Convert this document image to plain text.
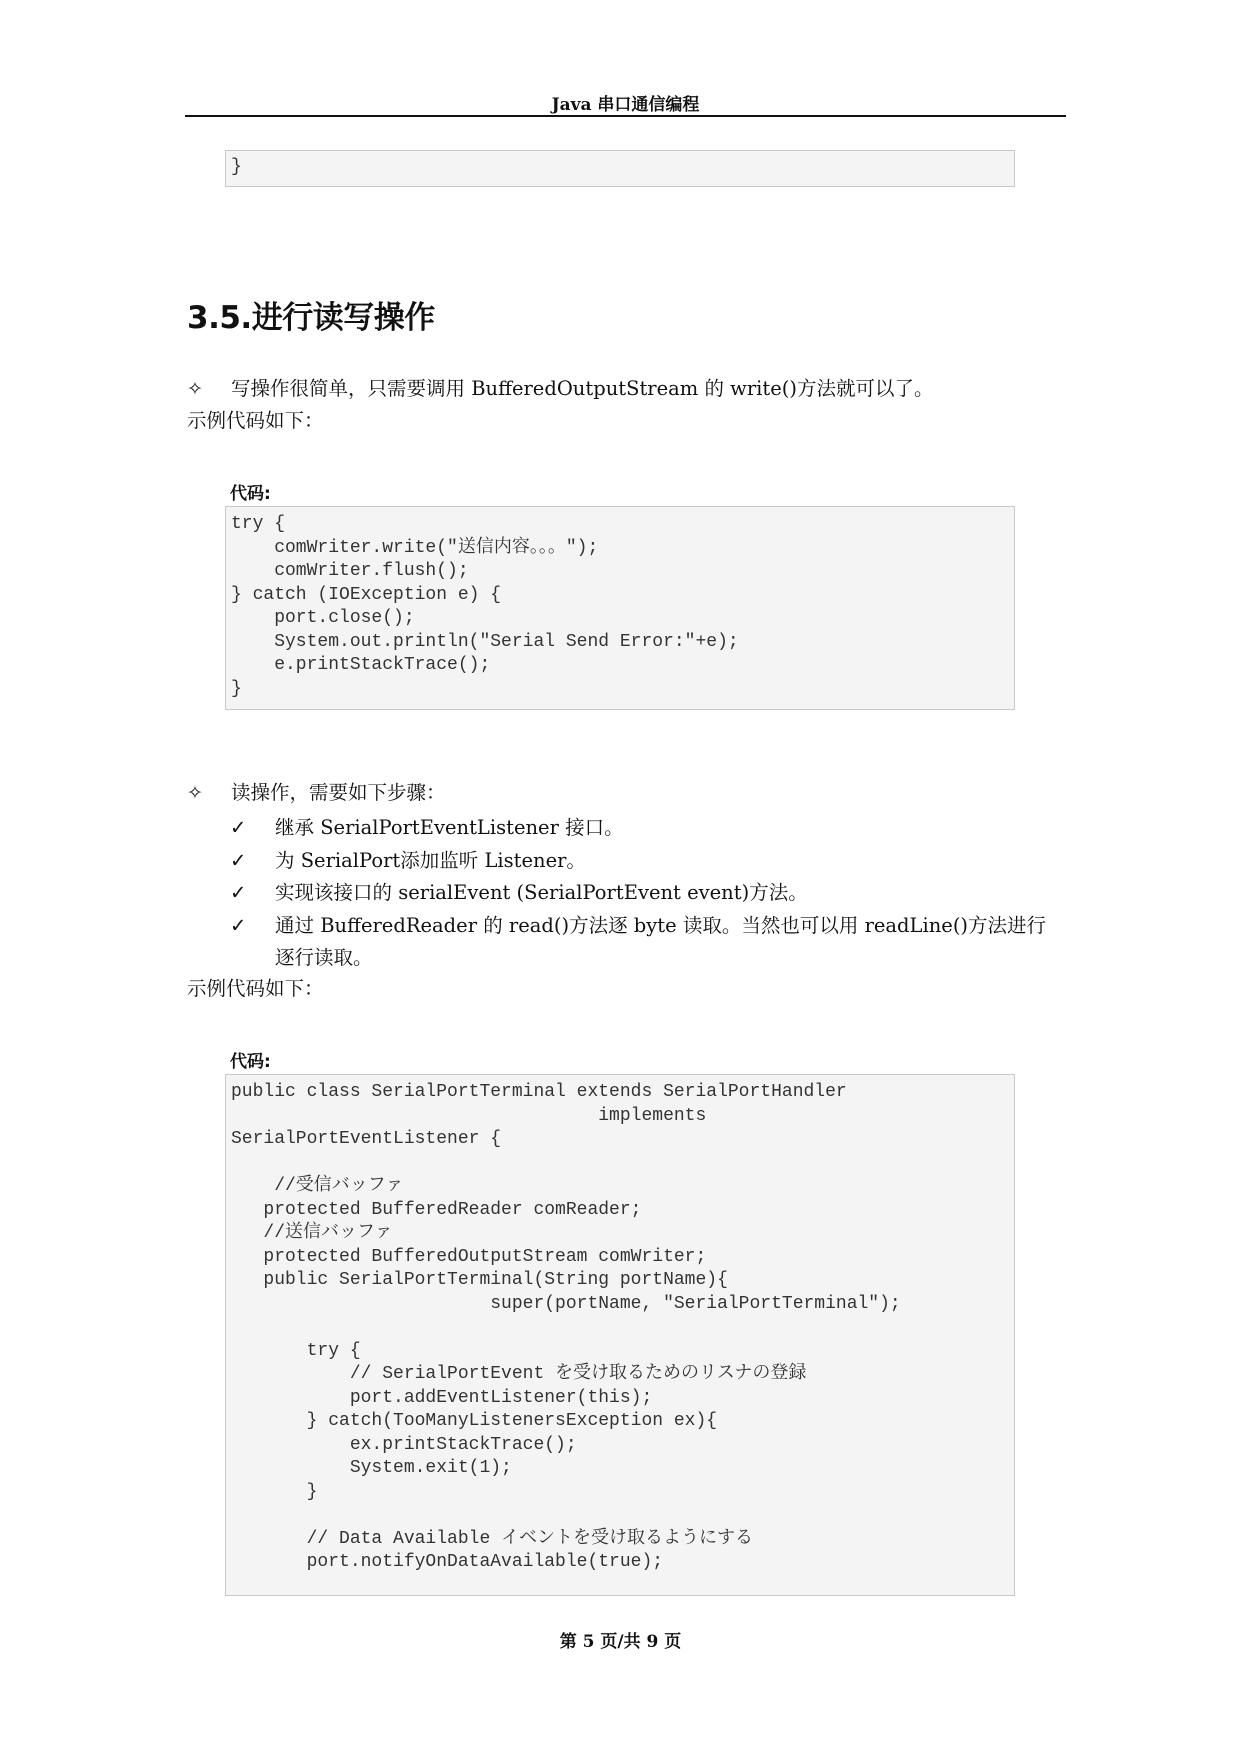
Java 串口通信编程
}
3.5.进行读写操作

✧ 写操作很简单，只需要调用 BufferedOutputStream 的 write()方法就可以了。

示例代码如下：

代码:

try {
comWriter.write("送信内容。。。");
comWriter.flush();
} catch (IOException e) {
port.close();
System.out.println("Serial Send Error:"+e);
e.printStackTrace();
}

✧ 读操作，需要如下步骤：

✓ 继承 SerialPortEventListener 接口。
✓ 为 SerialPort添加监听 Listener。
✓ 实现该接口的 serialEvent (SerialPortEvent event)方法。
✓ 通过 BufferedReader 的 read()方法逐 byte 读取。当然也可以用 readLine()方法进行逐行读取。

示例代码如下：

代码:

public class SerialPortTerminal extends SerialPortHandler
implements
SerialPortEventListener {

//受信バッファ
protected BufferedReader comReader;
//送信バッファ
protected BufferedOutputStream comWriter;
public SerialPortTerminal(String portName){
super(portName, "SerialPortTerminal");

try {
// SerialPortEvent を受け取るためのリスナの登録
port.addEventListener(this);
} catch(TooManyListenersException ex){
ex.printStackTrace();
System.exit(1);
}

// Data Available イベントを受け取るようにする
port.notifyOnDataAvailable(true);

第 5 页/共 9 页
